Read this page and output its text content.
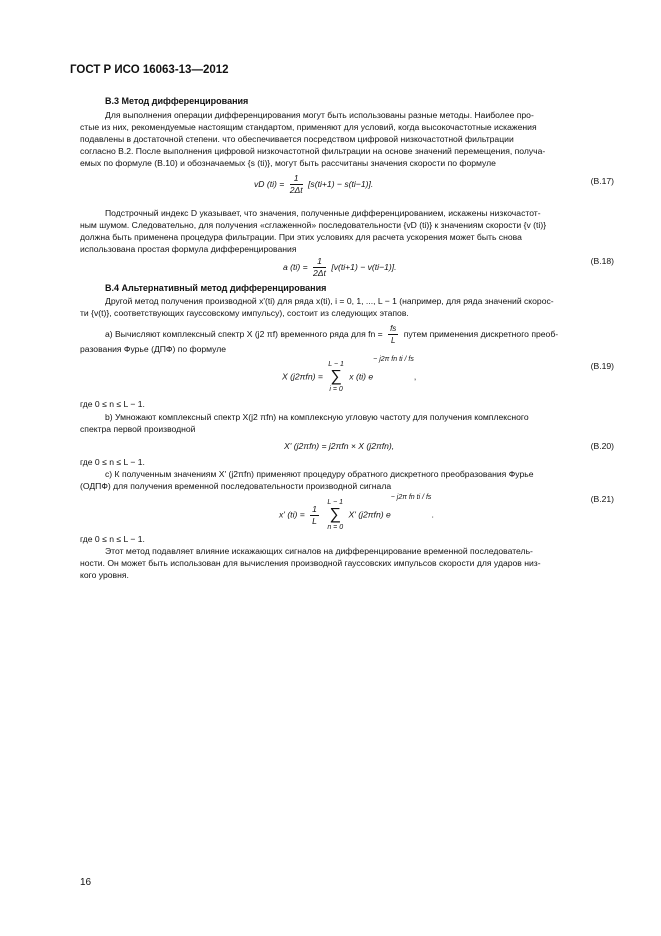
ГОСТ Р ИСО 16063-13—2012
В.3 Метод дифференцирования
Для выполнения операции дифференцирования могут быть использованы разные методы. Наиболее про-
стые из них, рекомендуемые настоящим стандартом, применяют для условий, когда высокочастотные искажения
подавлены в достаточной степени. что обеспечивается посредством цифровой низкочастотной фильтрации
согласно В.2. После выполнения цифровой низкочастотной фильтрации на основе значений перемещения, получа-
емых по формуле (В.10) и обозначаемых {s (ti)}, могут быть рассчитаны значения скорости по формуле
vD $(ti) = \frac{1}{2\Delta t} [s(ti+1) - s(ti-1)]$.	(В.17)
Подстрочный индекс D указывает, что значения, полученные дифференцированием, искажены низкочастот-
ным шумом. Следовательно, для получения «сглаженной» последовательности {vD (ti)} к значениям скорости {v (ti)}
должна быть применена процедура фильтрации. При этих условиях для расчета ускорения может быть снова
использована простая формула дифференцирования
a $(ti) = \frac{1}{2\Delta t} [v(ti+1) - v(ti-1)]$.
(В.18)
В.4 Альтернативный метод дифференцирования
Другой метод получения производной x'(ti) для ряда x(ti), i = 0, 1, ..., L − 1 (например, для ряда значений скорос-
ти {v(t)}, соответствующих гауссовскому импульсу), состоит из следующих этапов.
а) Вычисляют комплексный спектр X (j2 πf) временного ряда для fn = $\frac{fs}{L}$ путем применения дискретного преоб-
разования Фурье (ДПФ) по формуле
X (j2πfn) =
L − 1
∑
i = 0
x (ti) e− j2π fn ti / fs,
(В.19)
где 0 ≤ n ≤ L − 1.
b) Умножают комплексный спектр X(j2 πfn) на комплексную угловую частоту для получения комплексного
спектра первой производной
X' (j2πfn) = j2πfn × X (j2πfn),	(В.20)
где 0 ≤ n ≤ L − 1.
c) К полученным значениям X' (j2πfn) применяют процедуру обратного дискретного преобразования Фурье
(ОДПФ) для получения временной последовательности производной сигнала
x' $(ti) = \frac{1}{L}$

L − 1
∑
n = 0
X' (j2πfn) e− j2π fn ti / fs.
(В.21)
где 0 ≤ n ≤ L − 1.
Этот метод подавляет влияние искажающих сигналов на дифференцирование временной последователь-
ности. Он может быть использован для вычисления производной гауссовских импульсов скорости для ударов низ-
кого уровня.
16
